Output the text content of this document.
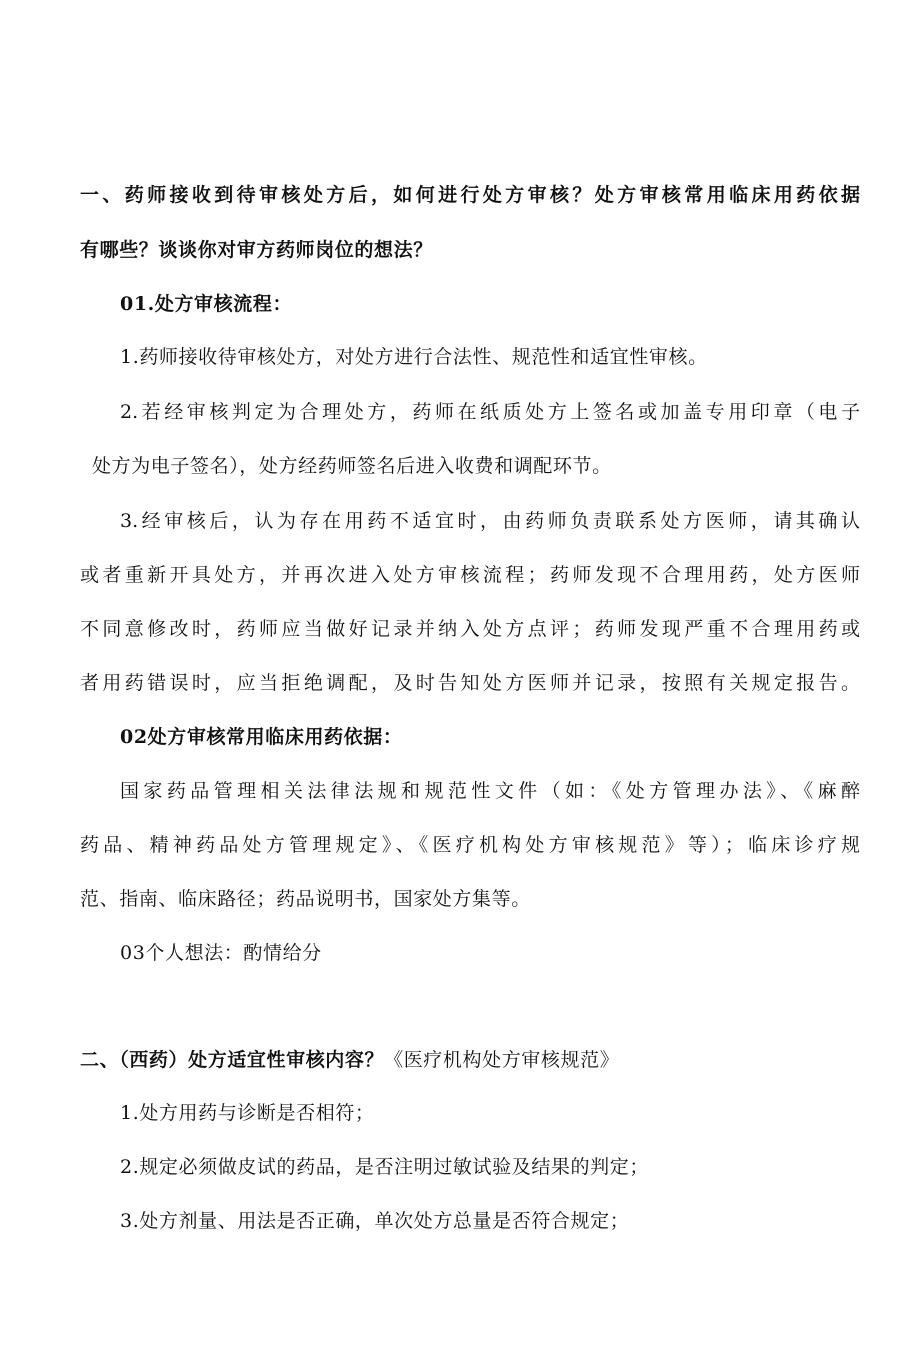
一、药师接收到待审核处方后，如何进行处方审核？处方审核常用临床用药依据
有哪些？谈谈你对审方药师岗位的想法？
01.处方审核流程：
1.药师接收待审核处方，对处方进行合法性、规范性和适宜性审核。
2.若经审核判定为合理处方，药师在纸质处方上签名或加盖专用印章（电子
处方为电子签名），处方经药师签名后进入收费和调配环节。
3.经审核后，认为存在用药不适宜时，由药师负责联系处方医师，请其确认
或者重新开具处方，并再次进入处方审核流程；药师发现不合理用药，处方医师
不同意修改时，药师应当做好记录并纳入处方点评；药师发现严重不合理用药或
者用药错误时，应当拒绝调配，及时告知处方医师并记录，按照有关规定报告。
02处方审核常用临床用药依据：
国家药品管理相关法律法规和规范性文件（如：《处方管理办法》、《麻醉
药品、精神药品处方管理规定》、《医疗机构处方审核规范》等）；临床诊疗规
范、指南、临床路径；药品说明书，国家处方集等。
03个人想法：酌情给分
二、（西药）处方适宜性审核内容？《医疗机构处方审核规范》
1.处方用药与诊断是否相符；
2.规定必须做皮试的药品，是否注明过敏试验及结果的判定；
3.处方剂量、用法是否正确，单次处方总量是否符合规定；
